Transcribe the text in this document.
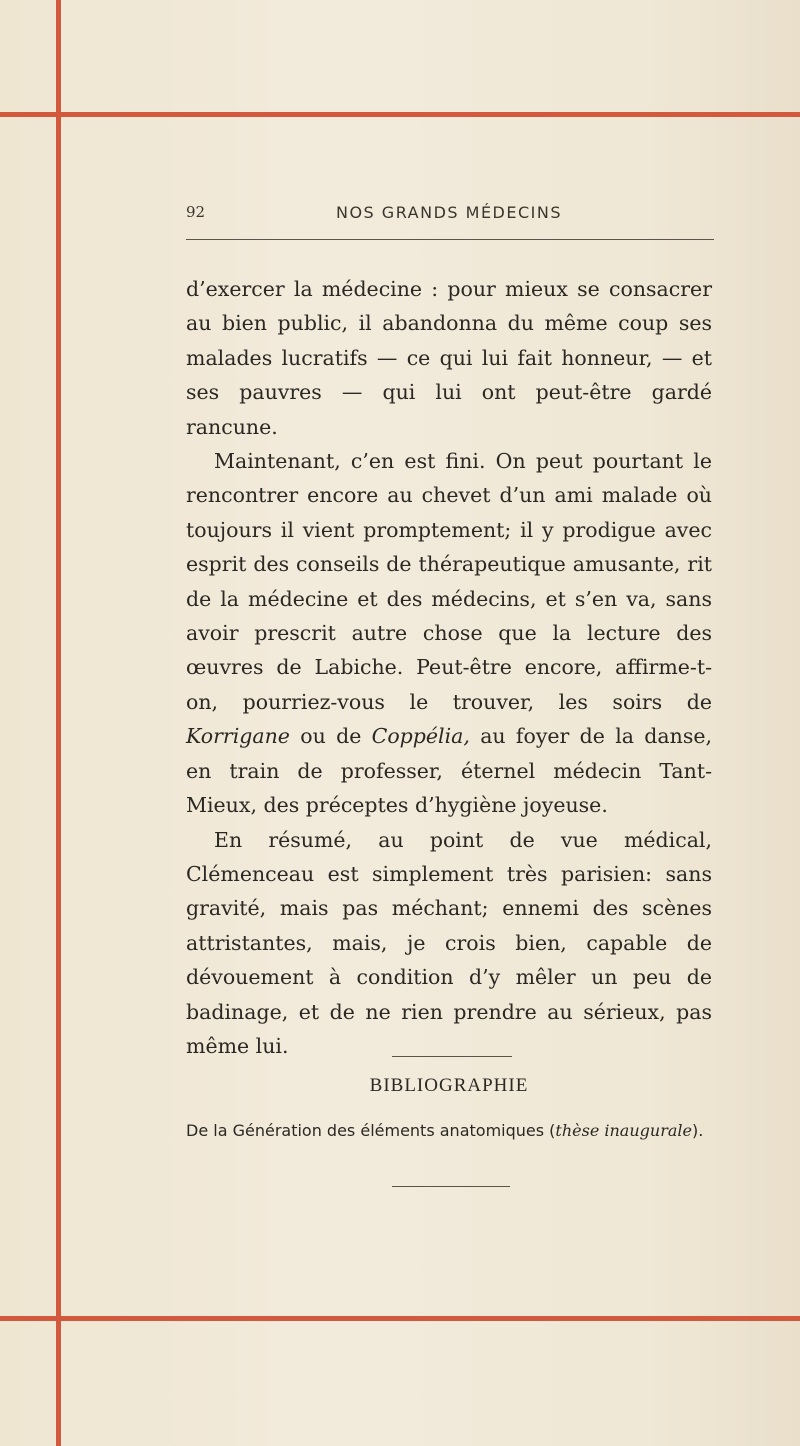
92	NOS GRANDS MÉDECINS

d’exercer la médecine : pour mieux se consacrer au bien public, il abandonna du même coup ses malades lucratifs — ce qui lui fait honneur, — et ses pauvres — qui lui ont peut-être gardé rancune.

Maintenant, c’en est fini. On peut pourtant le rencontrer encore au chevet d’un ami malade où toujours il vient promptement; il y prodigue avec esprit des conseils de thérapeutique amusante, rit de la médecine et des médecins, et s’en va, sans avoir prescrit autre chose que la lecture des œuvres de Labiche. Peut-être encore, affirme-t-on, pourriez-vous le trouver, les soirs de Korrigane ou de Coppélia, au foyer de la danse, en train de professer, éternel médecin Tant-Mieux, des préceptes d’hygiène joyeuse.

En résumé, au point de vue médical, Clémenceau est simplement très parisien: sans gravité, mais pas méchant; ennemi des scènes attristantes, mais, je crois bien, capable de dévouement à condition d’y mêler un peu de badinage, et de ne rien prendre au sérieux, pas même lui.

BIBLIOGRAPHIE
De la Génération des éléments anatomiques (thèse inaugurale).
